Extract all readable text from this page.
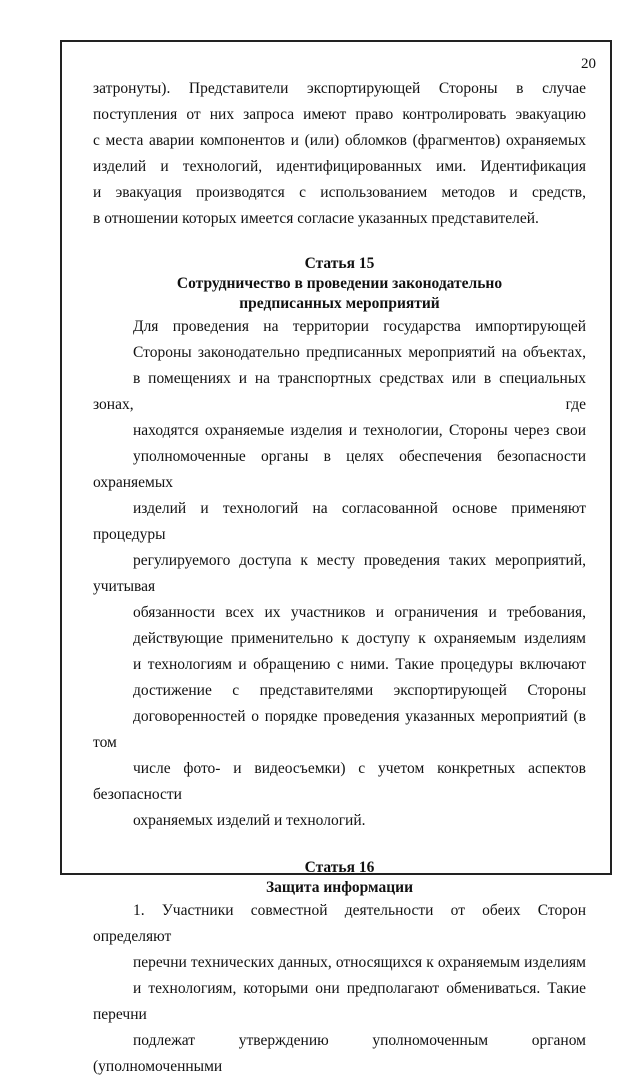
20
затронуты). Представители экспортирующей Стороны в случае
поступления от них запроса имеют право контролировать эвакуацию
с места аварии компонентов и (или) обломков (фрагментов) охраняемых
изделий и технологий, идентифицированных ими. Идентификация
и эвакуация производятся с использованием методов и средств,
в отношении которых имеется согласие указанных представителей.
Статья 15
Сотрудничество в проведении законодательно
предписанных мероприятий
Для проведения на территории государства импортирующей
Стороны законодательно предписанных мероприятий на объектах,
в помещениях и на транспортных средствах или в специальных зонах, где
находятся охраняемые изделия и технологии, Стороны через свои
уполномоченные органы в целях обеспечения безопасности охраняемых
изделий и технологий на согласованной основе применяют процедуры
регулируемого доступа к месту проведения таких мероприятий, учитывая
обязанности всех их участников и ограничения и требования,
действующие применительно к доступу к охраняемым изделиям
и технологиям и обращению с ними. Такие процедуры включают
достижение с представителями экспортирующей Стороны
договоренностей о порядке проведения указанных мероприятий (в том
числе фото- и видеосъемки) с учетом конкретных аспектов безопасности
охраняемых изделий и технологий.
Статья 16
Защита информации
1. Участники совместной деятельности от обеих Сторон определяют
перечни технических данных, относящихся к охраняемым изделиям
и технологиям, которыми они предполагают обмениваться. Такие перечни
подлежат утверждению уполномоченным органом (уполномоченными
